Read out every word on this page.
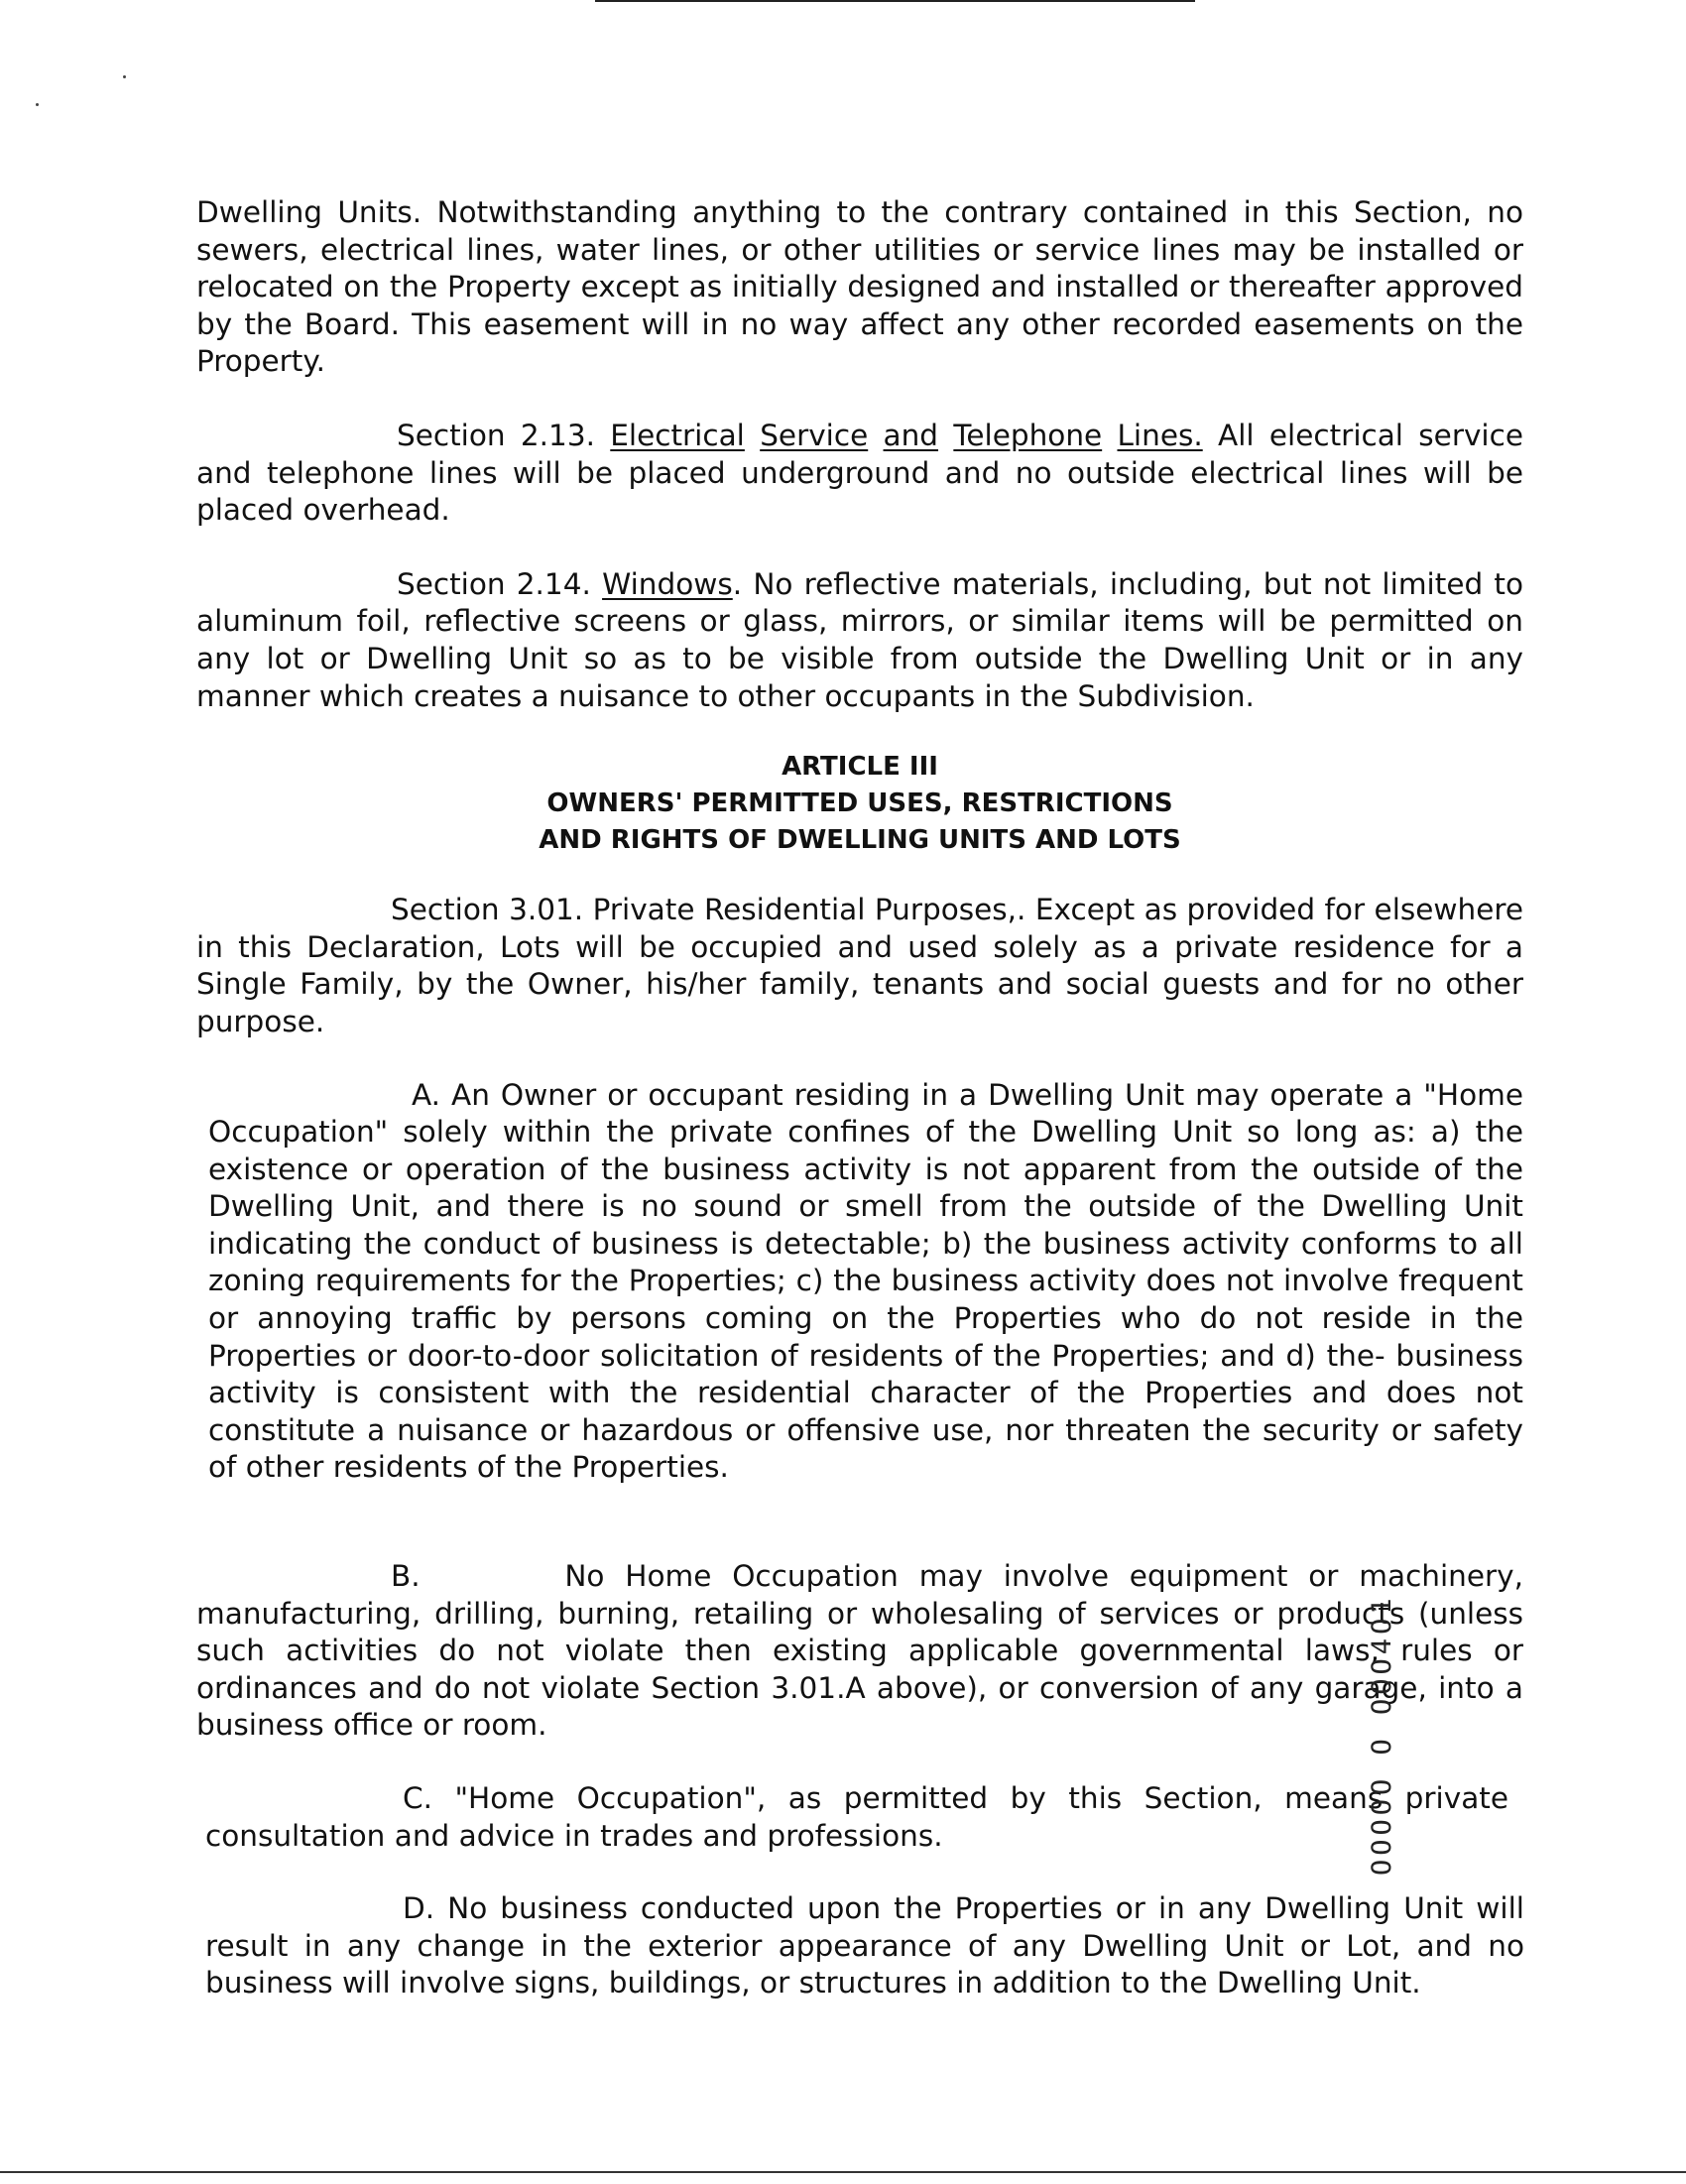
Dwelling Units. Notwithstanding anything to the contrary contained in this Section, no sewers, electrical lines, water lines, or other utilities or service lines may be installed or relocated on the Property except as initially designed and installed or thereafter approved by the Board. This easement will in no way affect any other recorded easements on the Property.

Section 2.13. Electrical Service and Telephone Lines. All electrical service and telephone lines will be placed underground and no outside electrical lines will be placed overhead.

Section 2.14. Windows. No reflective materials, including, but not limited to aluminum foil, reflective screens or glass, mirrors, or similar items will be permitted on any lot or Dwelling Unit so as to be visible from outside the Dwelling Unit or in any manner which creates a nuisance to other occupants in the Subdivision.

ARTICLE III
OWNERS' PERMITTED USES, RESTRICTIONS
AND RIGHTS OF DWELLING UNITS AND LOTS

Section 3.01. Private Residential Purposes,. Except as provided for elsewhere in this Declaration, Lots will be occupied and used solely as a private residence for a Single Family, by the Owner, his/her family, tenants and social guests and for no other purpose.

A. An Owner or occupant residing in a Dwelling Unit may operate a "Home Occupation" solely within the private confines of the Dwelling Unit so long as: a) the existence or operation of the business activity is not apparent from the outside of the Dwelling Unit, and there is no sound or smell from the outside of the Dwelling Unit indicating the conduct of business is detectable; b) the business activity conforms to all zoning requirements for the Properties; c) the business activity does not involve frequent or annoying traffic by persons coming on the Properties who do not reside in the Properties or door-to-door solicitation of residents of the Properties; and d) the- business activity is consistent with the residential character of the Properties and does not constitute a nuisance or hazardous or offensive use, nor threaten the security or safety of other residents of the Properties.

B.	No Home Occupation may involve equipment or machinery, manufacturing, drilling, burning, retailing or wholesaling of services or products (unless such activities do not violate then existing applicable governmental laws, rules or ordinances and do not violate Section 3.01.A above), or conversion of any garage, into a business office or room.

C. "Home Occupation", as permitted by this Section, means private consultation and advice in trades and professions.

D. No business conducted upon the Properties or in any Dwelling Unit will result in any change in the exterior appearance of any Dwelling Unit or Lot, and no business will involve signs, buildings, or structures in addition to the Dwelling Unit.

OOOOO O OOO4O1
